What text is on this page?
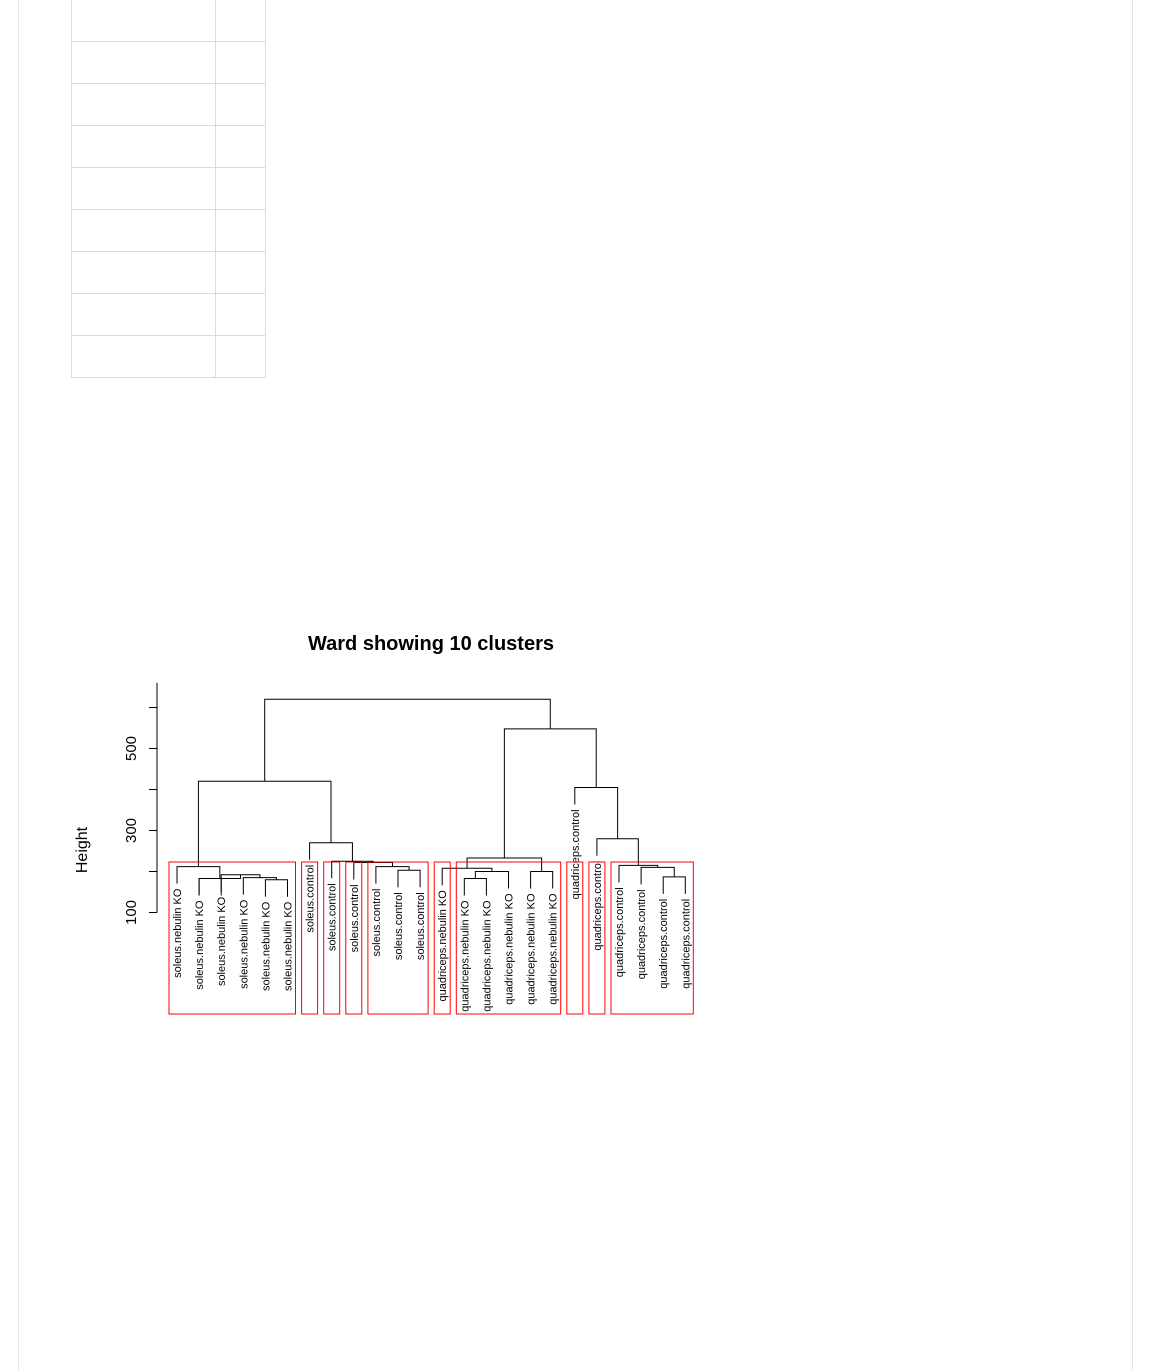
Ward showing 10 clusters
Height
100
300
500
soleus.nebulin KO soleus.nebulin KO soleus.nebulin KO soleus.nebulin KO soleus.nebulin KO soleus.nebulin KO
soleus.control soleus.control soleus.control soleus.control soleus.control soleus.control quadriceps.nebulin KO quadriceps.nebulin KO quadriceps.nebulin KO quadriceps.nebulin KO quadriceps.nebulin KO quadriceps.nebulin KO
quadriceps.control
quadriceps.control quadriceps.control quadriceps.control quadriceps.control quadriceps.control
